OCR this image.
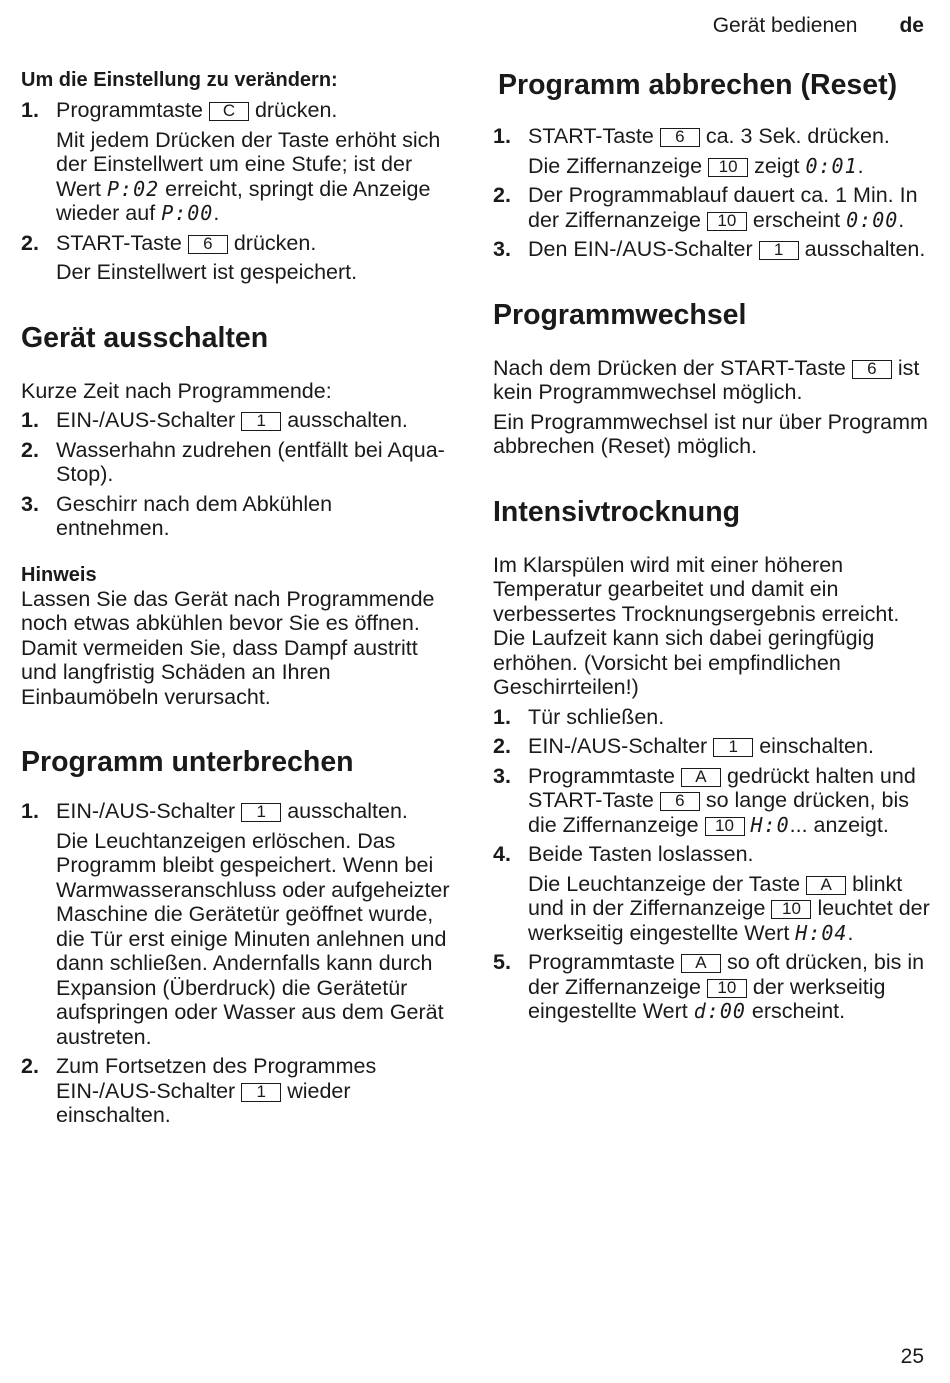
Gerät bedienen de
Um die Einstellung zu verändern:
1. Programmtaste C drücken.

Mit jedem Drücken der Taste erhöht sich der Einstellwert um eine Stufe; ist der Wert P:02 erreicht, springt die Anzeige wieder auf P:00.

2. START-Taste 6 drücken.

Der Einstellwert ist gespeichert.

Gerät ausschalten

Kurze Zeit nach Programmende:

1. EIN-/AUS-Schalter 1 ausschalten.
2. Wasserhahn zudrehen (entfällt bei Aqua-Stop).
3. Geschirr nach dem Abkühlen entnehmen.
Hinweis

Lassen Sie das Gerät nach Programmende noch etwas abkühlen bevor Sie es öffnen. Damit vermeiden Sie, dass Dampf austritt und langfristig Schäden an Ihren Einbaumöbeln verursacht.

Programm unterbrechen
1. EIN-/AUS-Schalter 1 ausschalten.

Die Leuchtanzeigen erlöschen. Das Programm bleibt gespeichert. Wenn bei Warmwasseranschluss oder aufgeheizter Maschine die Gerätetür geöffnet wurde, die Tür erst einige Minuten anlehnen und dann schließen. Andernfalls kann durch Expansion (Überdruck) die Gerätetür aufspringen oder Wasser aus dem Gerät austreten.

2. Zum Fortsetzen des Programmes EIN-/AUS-Schalter 1 wieder einschalten.
Programm abbrechen (Reset)
1. START-Taste 6 ca. 3 Sek. drücken.

Die Ziffernanzeige 10 zeigt 0:01.

2. Der Programmablauf dauert ca. 1 Min. In der Ziffernanzeige 10 erscheint 0:00.
3. Den EIN-/AUS-Schalter 1 ausschalten.
Programmwechsel

Nach dem Drücken der START-Taste 6 ist kein Programmwechsel möglich.

Ein Programmwechsel ist nur über Programm abbrechen (Reset) möglich.

Intensivtrocknung

Im Klarspülen wird mit einer höheren Temperatur gearbeitet und damit ein verbessertes Trocknungsergebnis erreicht. Die Laufzeit kann sich dabei geringfügig erhöhen. (Vorsicht bei empfindlichen Geschirrteilen!)

1. Tür schließen.
2. EIN-/AUS-Schalter 1 einschalten.
3. Programmtaste A gedrückt halten und START-Taste 6 so lange drücken, bis die Ziffernanzeige 10 H:0... anzeigt.
4. Beide Tasten loslassen.

Die Leuchtanzeige der Taste A blinkt und in der Ziffernanzeige 10 leuchtet der werkseitig eingestellte Wert H:04.

5. Programmtaste A so oft drücken, bis in der Ziffernanzeige 10 der werkseitig eingestellte Wert d:00 erscheint.
25
